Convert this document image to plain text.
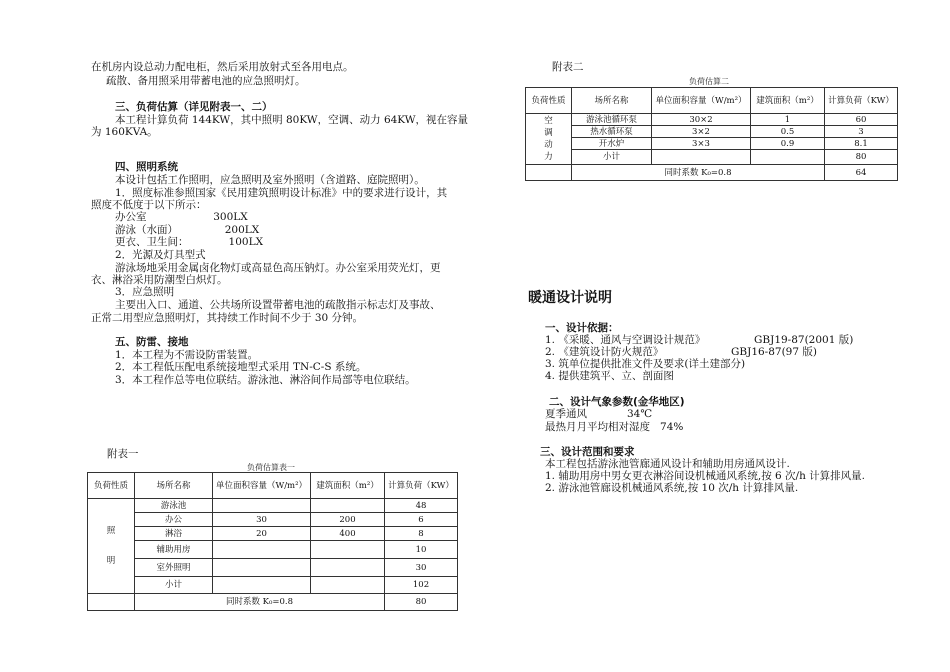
在机房内设总动力配电柜，然后采用放射式至各用电点。
疏散、备用照采用带蓄电池的应急照明灯。
三、负荷估算（详见附表一、二）
本工程计算负荷 144KW，其中照明 80KW，空调、动力 64KW，视在容量
为 160KVA。
四、照明系统
本设计包括工作照明，应急照明及室外照明（含道路、庭院照明）。
1．照度标准参照国家《民用建筑照明设计标准》中的要求进行设计，其
照度不低度于以下所示：
办公室                    300LX
游泳（水面）              200LX
更衣、卫生间：            100LX
2．光源及灯具型式
游泳场地采用金属卤化物灯或高显色高压钠灯。办公室采用荧光灯，更
衣、淋浴采用防潮型白炽灯。
3．应急照明
主要出入口、通道、公共场所设置带蓄电池的疏散指示标志灯及事故、
正常二用型应急照明灯，其持续工作时间不少于 30 分钟。
五、防雷、接地
1．本工程为不需设防雷装置。
2．本工程低压配电系统接地型式采用 TN-C-S 系统。
3．本工程作总等电位联结。游泳池、淋浴间作局部等电位联结。
附表一
负荷估算表一
负荷性质	场所名称	单位面积容量（W/m²）	建筑面积（m²）	计算负荷（KW）
照

明	游泳池			48
	办公	30	200	6
	淋浴	20	400	8
	辅助用房			10
	室外照明			30
	小计			102
	同时系数 K₀=0.8			80
附表二
负荷估算二
负荷性质	场所名称	单位面积容量（W/m²）	建筑面积（m²）	计算负荷（KW）
空
调
动
力	游泳池循环泵	30×2	1	60
	热水循环泵	3×2	0.5	3
	开水炉	3×3	0.9	8.1
	小计			80
	同时系数 K₀=0.8			64
暖通设计说明
一、设计依据：
1. 《采暖、通风与空调设计规范》	GBJ19-87(2001 版)
2. 《建筑设计防火规范》	GBJ16-87(97 版)
3. 筑单位提供批准文件及要求(详土建部分)
4. 提供建筑平、立、剖面图
二、设计气象参数(金华地区)
夏季通风	34℃
最热月月平均相对湿度   74%
三、设计范围和要求
本工程包括游泳池管廊通风设计和辅助用房通风设计.
1. 辅助用房中男女更衣淋浴间设机械通风系统,按 6 次/h 计算排风量.
2. 游泳池管廊设机械通风系统,按 10 次/h 计算排风量.
